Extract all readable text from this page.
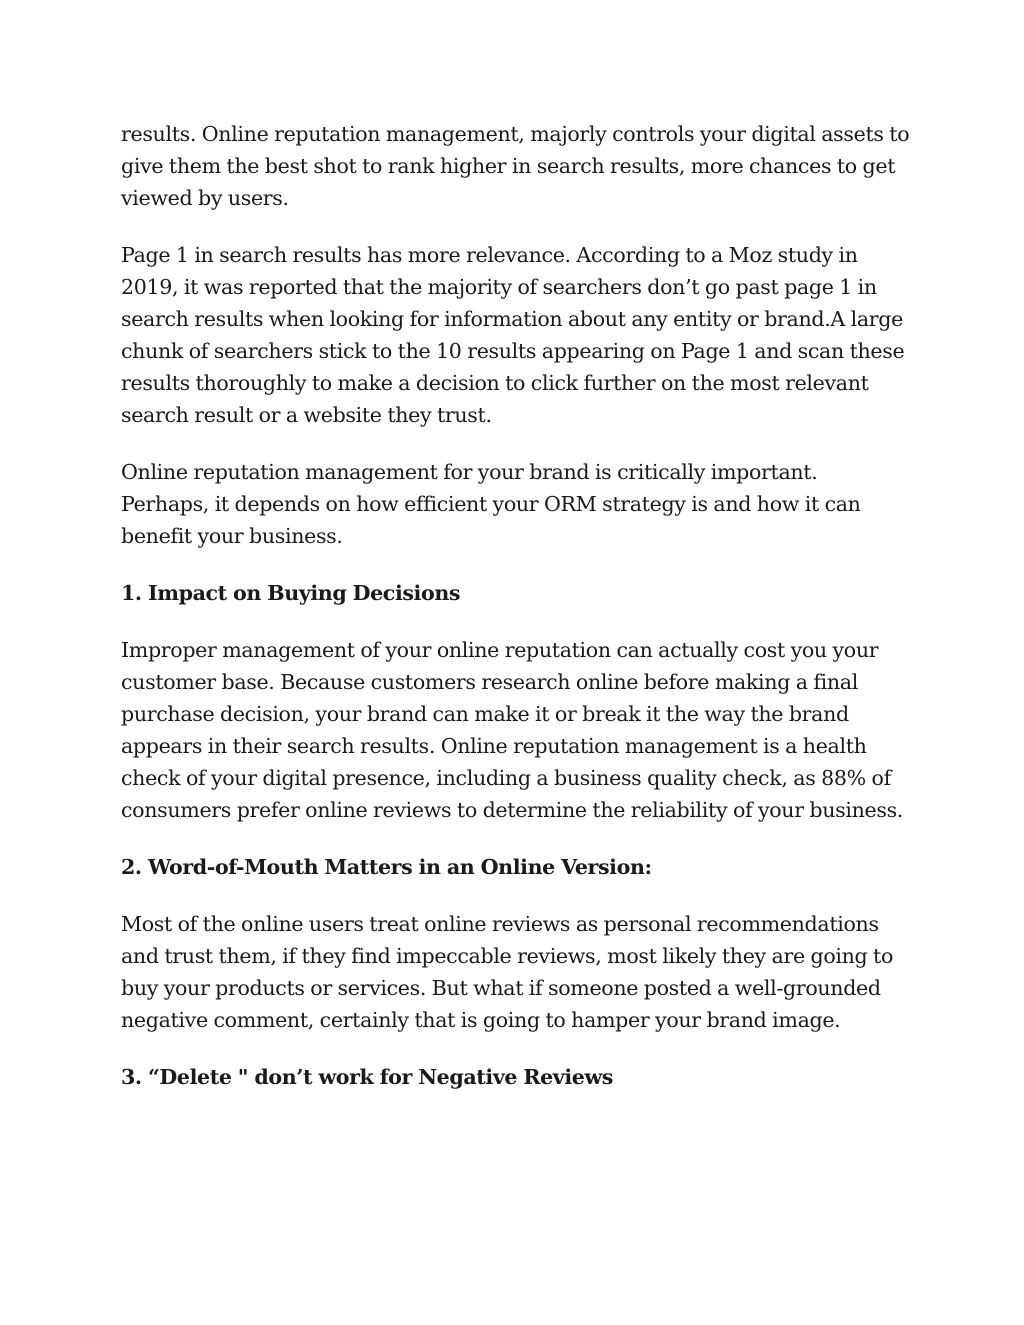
results. Online reputation management, majorly controls your digital assets to give them the best shot to rank higher in search results, more chances to get viewed by users.

Page 1 in search results has more relevance. According to a Moz study in 2019, it was reported that the majority of searchers don’t go past page 1 in search results when looking for information about any entity or brand.A large chunk of searchers stick to the 10 results appearing on Page 1 and scan these results thoroughly to make a decision to click further on the most relevant search result or a website they trust.

Online reputation management for your brand is critically important. Perhaps, it depends on how efficient your ORM strategy is and how it can benefit your business.

1. Impact on Buying Decisions

Improper management of your online reputation can actually cost you your customer base. Because customers research online before making a final purchase decision, your brand can make it or break it the way the brand appears in their search results. Online reputation management is a health check of your digital presence, including a business quality check, as 88% of consumers prefer online reviews to determine the reliability of your business.

2. Word-of-Mouth Matters in an Online Version:

Most of the online users treat online reviews as personal recommendations and trust them, if they find impeccable reviews, most likely they are going to buy your products or services. But what if someone posted a well-grounded negative comment, certainly that is going to hamper your brand image.

3. “Delete " don’t work for Negative Reviews
